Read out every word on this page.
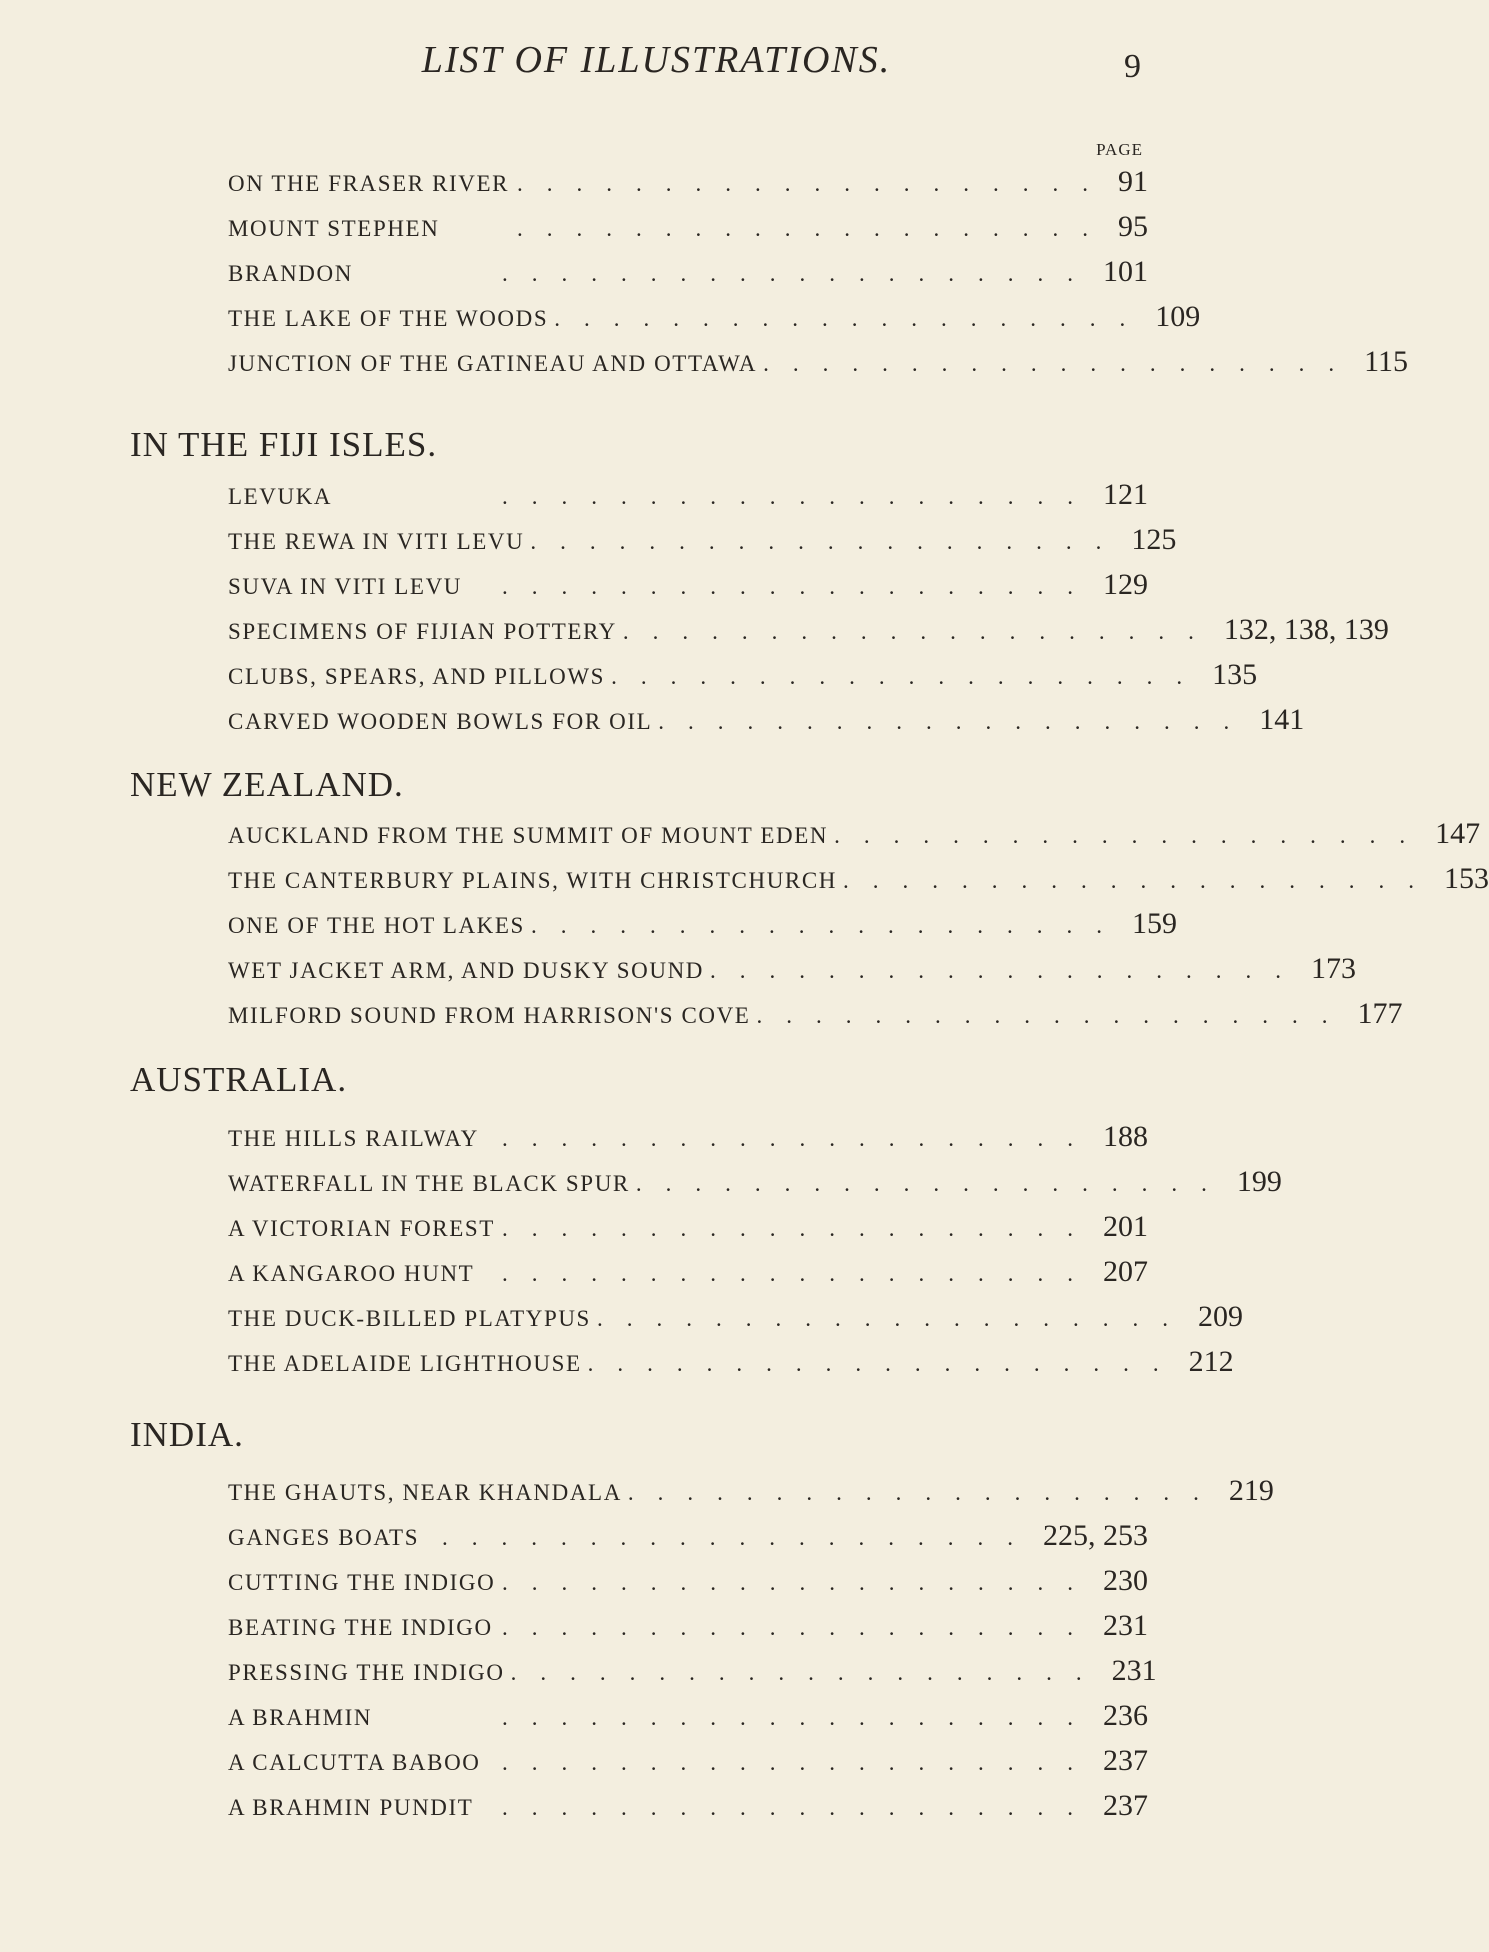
LIST OF ILLUSTRATIONS.	9
PAGE
ON THE FRASER RIVER .................... 91
MOUNT STEPHEN	.................... 95
BRANDON	.................... 101
THE LAKE OF THE WOODS .................... 109
JUNCTION OF THE GATINEAU AND OTTAWA .................... 115
IN THE FIJI ISLES.
LEVUKA	.................... 121
THE REWA IN VITI LEVU .................... 125
SUVA IN VITI LEVU	.................... 129
SPECIMENS OF FIJIAN POTTERY .................... 132, 138, 139
CLUBS, SPEARS, AND PILLOWS .................... 135
CARVED WOODEN BOWLS FOR OIL .................... 141
NEW ZEALAND.
AUCKLAND FROM THE SUMMIT OF MOUNT EDEN .................... 147
THE CANTERBURY PLAINS, WITH CHRISTCHURCH .................... 153
ONE OF THE HOT LAKES .................... 159
WET JACKET ARM, AND DUSKY SOUND .................... 173
MILFORD SOUND FROM HARRISON'S COVE .................... 177
AUSTRALIA.
THE HILLS RAILWAY	.................... 188
WATERFALL IN THE BLACK SPUR .................... 199
A VICTORIAN FOREST .................... 201
A KANGAROO HUNT	.................... 207
THE DUCK-BILLED PLATYPUS .................... 209
THE ADELAIDE LIGHTHOUSE .................... 212
INDIA.
THE GHAUTS, NEAR KHANDALA .................... 219
GANGES BOATS .................... 225, 253
CUTTING THE INDIGO .................... 230
BEATING THE INDIGO .................... 231
PRESSING THE INDIGO .................... 231
A BRAHMIN	.................... 236
A CALCUTTA BABOO .................... 237
A BRAHMIN PUNDIT	.................... 237
